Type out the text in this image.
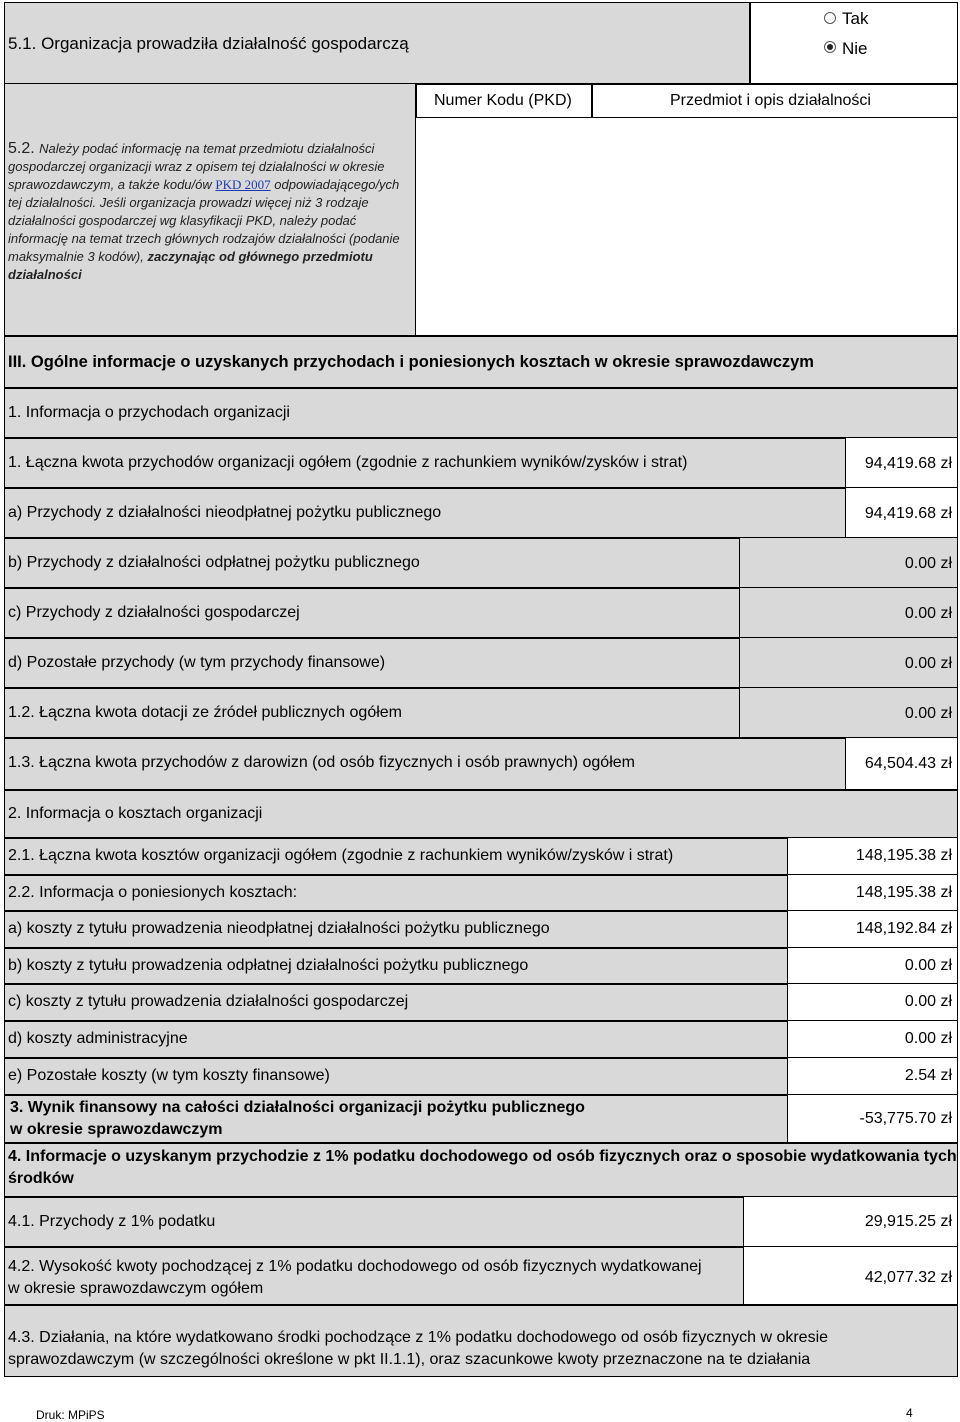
5.1. Organizacja prowadziła działalność gospodarczą
Tak
Nie
Numer Kodu (PKD)	Przedmiot i opis działalności
5.2. Należy podać informację na temat przedmiotu działalności gospodarczej organizacji wraz z opisem tej działalności w okresie sprawozdawczym, a także kodu/ów PKD 2007 odpowiadającego/ych tej działalności. Jeśli organizacja prowadzi więcej niż 3 rodzaje działalności gospodarczej wg klasyfikacji PKD, należy podać informację na temat trzech głównych rodzajów działalności (podanie maksymalnie 3 kodów), zaczynając od głównego przedmiotu działalności
III. Ogólne informacje o uzyskanych przychodach i poniesionych kosztach w okresie sprawozdawczym
1. Informacja o przychodach organizacji
1. Łączna kwota przychodów organizacji ogółem (zgodnie z rachunkiem wyników/zysków i strat)	94,419.68 zł
a) Przychody z działalności nieodpłatnej pożytku publicznego	94,419.68 zł
b) Przychody z działalności odpłatnej pożytku publicznego	0.00 zł
c) Przychody z działalności gospodarczej	0.00 zł
d) Pozostałe przychody (w tym przychody finansowe)	0.00 zł
1.2. Łączna kwota dotacji ze źródeł publicznych ogółem	0.00 zł
1.3. Łączna kwota przychodów z darowizn (od osób fizycznych i osób prawnych) ogółem	64,504.43 zł
2. Informacja o kosztach organizacji
2.1. Łączna kwota kosztów organizacji ogółem (zgodnie z rachunkiem wyników/zysków i strat)	148,195.38 zł
2.2. Informacja o poniesionych kosztach:	148,195.38 zł
a) koszty z tytułu prowadzenia nieodpłatnej działalności pożytku publicznego	148,192.84 zł
b) koszty z tytułu prowadzenia odpłatnej działalności pożytku publicznego	0.00 zł
c) koszty z tytułu prowadzenia działalności gospodarczej	0.00 zł
d) koszty administracyjne	0.00 zł
e) Pozostałe koszty (w tym koszty finansowe)	2.54 zł
3. Wynik finansowy na całości działalności organizacji pożytku publicznego
w okresie sprawozdawczym
-53,775.70 zł
4. Informacje o uzyskanym przychodzie z 1% podatku dochodowego od osób fizycznych oraz o sposobie wydatkowania tych
środków
4.1. Przychody z 1% podatku	29,915.25 zł
4.2. Wysokość kwoty pochodzącej z 1% podatku dochodowego od osób fizycznych wydatkowanej
w okresie sprawozdawczym ogółem
42,077.32 zł
4.3. Działania, na które wydatkowano środki pochodzące z 1% podatku dochodowego od osób fizycznych w okresie
sprawozdawczym (w szczególności określone w pkt II.1.1), oraz szacunkowe kwoty przeznaczone na te działania
Druk: MPiPS	4
